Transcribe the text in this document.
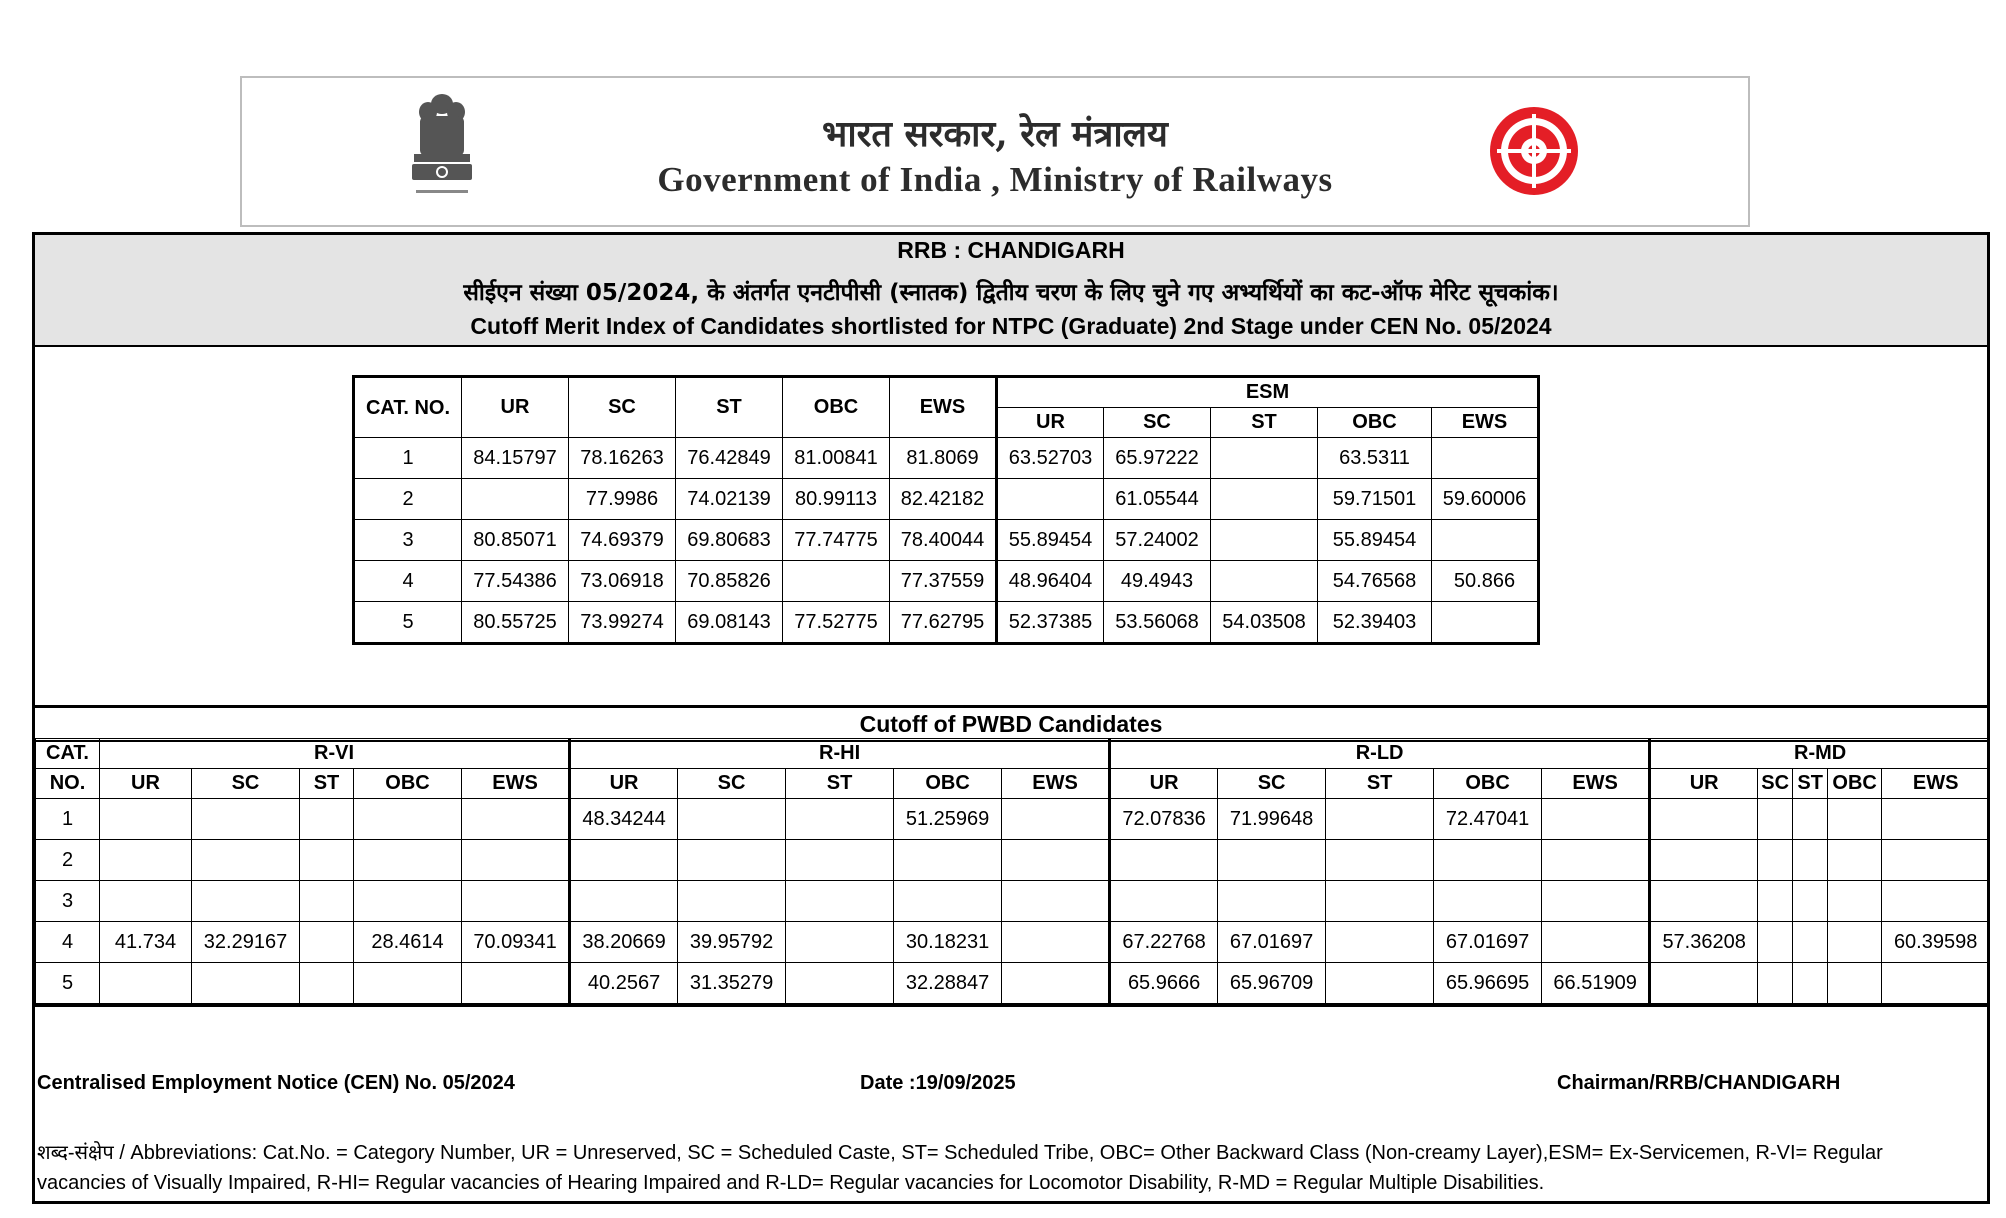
भारत सरकार, रेल मंत्रालय
Government of India , Ministry of Railways
RRB : CHANDIGARH
सीईएन संख्या 05/2024, के अंतर्गत एनटीपीसी (स्नातक) द्वितीय चरण के लिए चुने गए अभ्यर्थियों का कट-ऑफ मेरिट सूचकांक।
Cutoff Merit Index of Candidates shortlisted for NTPC (Graduate) 2nd Stage under CEN No. 05/2024
CAT. NO.	UR	SC	ST	OBC	EWS	ESM				
						UR	SC	ST	OBC	EWS
1	84.15797	78.16263	76.42849	81.00841	81.8069	63.52703	65.97222		63.5311	
2		77.9986	74.02139	80.99113	82.42182		61.05544		59.71501	59.60006
3	80.85071	74.69379	69.80683	77.74775	78.40044	55.89454	57.24002		55.89454	
4	77.54386	73.06918	70.85826		77.37559	48.96404	49.4943		54.76568	50.866
5	80.55725	73.99274	69.08143	77.52775	77.62795	52.37385	53.56068	54.03508	52.39403	
Cutoff of PWBD Candidates
CAT.	R-VI					R-HI					R-LD					R-MD				
NO.	UR	SC	ST	OBC	EWS	UR	SC	ST	OBC	EWS	UR	SC	ST	OBC	EWS	UR	SC	ST	OBC	EWS
1						48.34244			51.25969		72.07836	71.99648		72.47041						
2																				
3																				
4	41.734	32.29167		28.4614	70.09341	38.20669	39.95792		30.18231		67.22768	67.01697		67.01697		57.36208				60.39598
5						40.2567	31.35279		32.28847		65.9666	65.96709		65.96695	66.51909					
Centralised Employment Notice (CEN) No. 05/2024	Date :19/09/2025	Chairman/RRB/CHANDIGARH
शब्द-संक्षेप / Abbreviations: Cat.No. = Category Number, UR = Unreserved, SC = Scheduled Caste, ST= Scheduled Tribe, OBC= Other Backward Class (Non-creamy Layer),ESM= Ex-Servicemen, R-VI= Regular vacancies of Visually Impaired, R-HI= Regular vacancies of Hearing Impaired and R-LD= Regular vacancies for Locomotor Disability, R-MD = Regular Multiple Disabilities.
